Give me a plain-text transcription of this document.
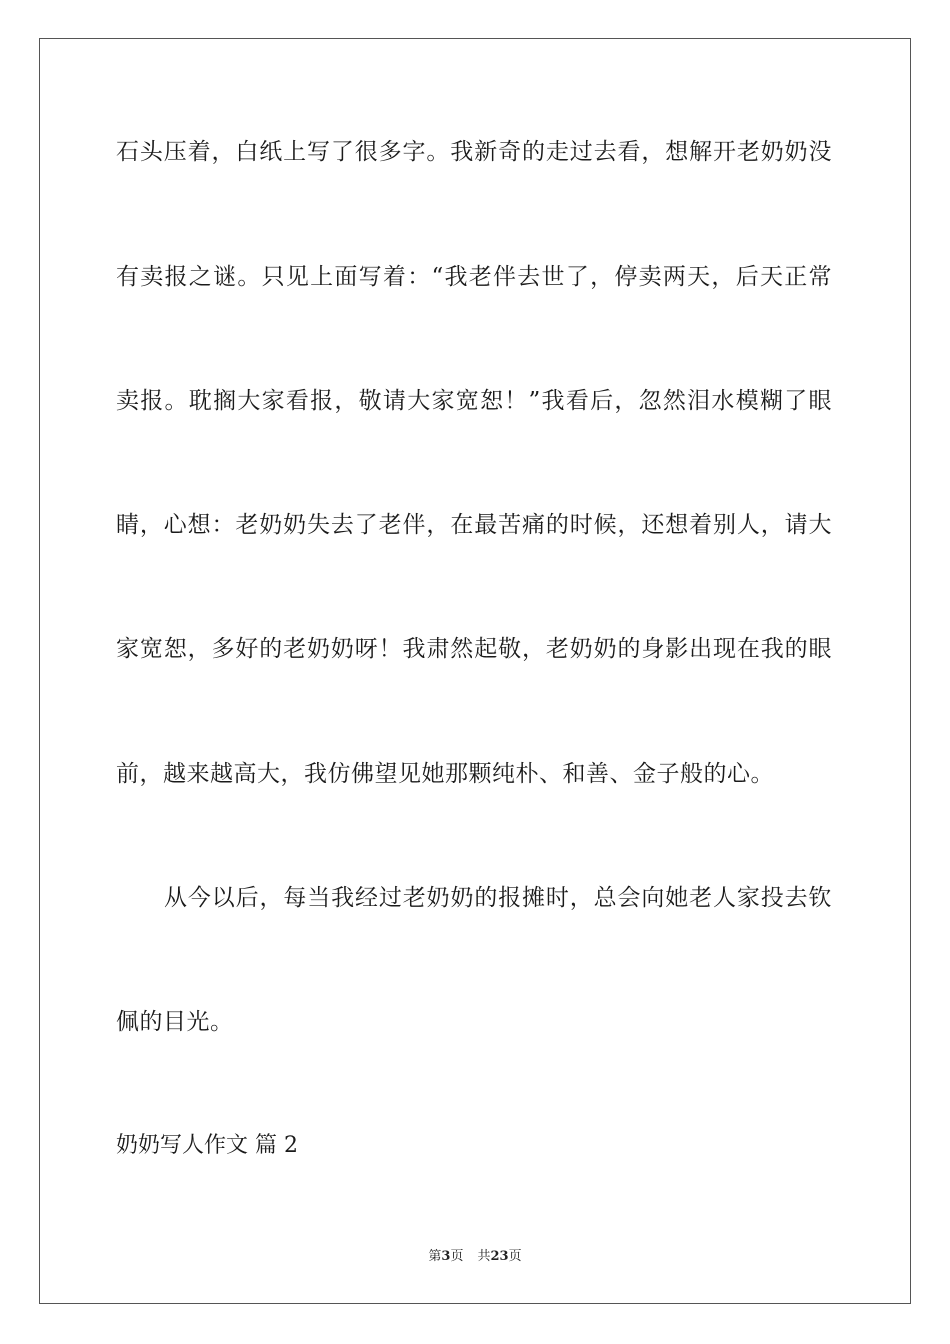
石头压着，白纸上写了很多字。我新奇的走过去看，想解开老奶奶没
有卖报之谜。只见上面写着：“我老伴去世了，停卖两天，后天正常
卖报。耽搁大家看报，敬请大家宽恕！”我看后，忽然泪水模糊了眼
睛，心想：老奶奶失去了老伴，在最苦痛的时候，还想着别人，请大
家宽恕，多好的老奶奶呀！我肃然起敬，老奶奶的身影出现在我的眼
前，越来越高大，我仿佛望见她那颗纯朴、和善、金子般的心。
从今以后，每当我经过老奶奶的报摊时，总会向她老人家投去钦
佩的目光。
奶奶写人作文 篇 2
第3页 共23页
